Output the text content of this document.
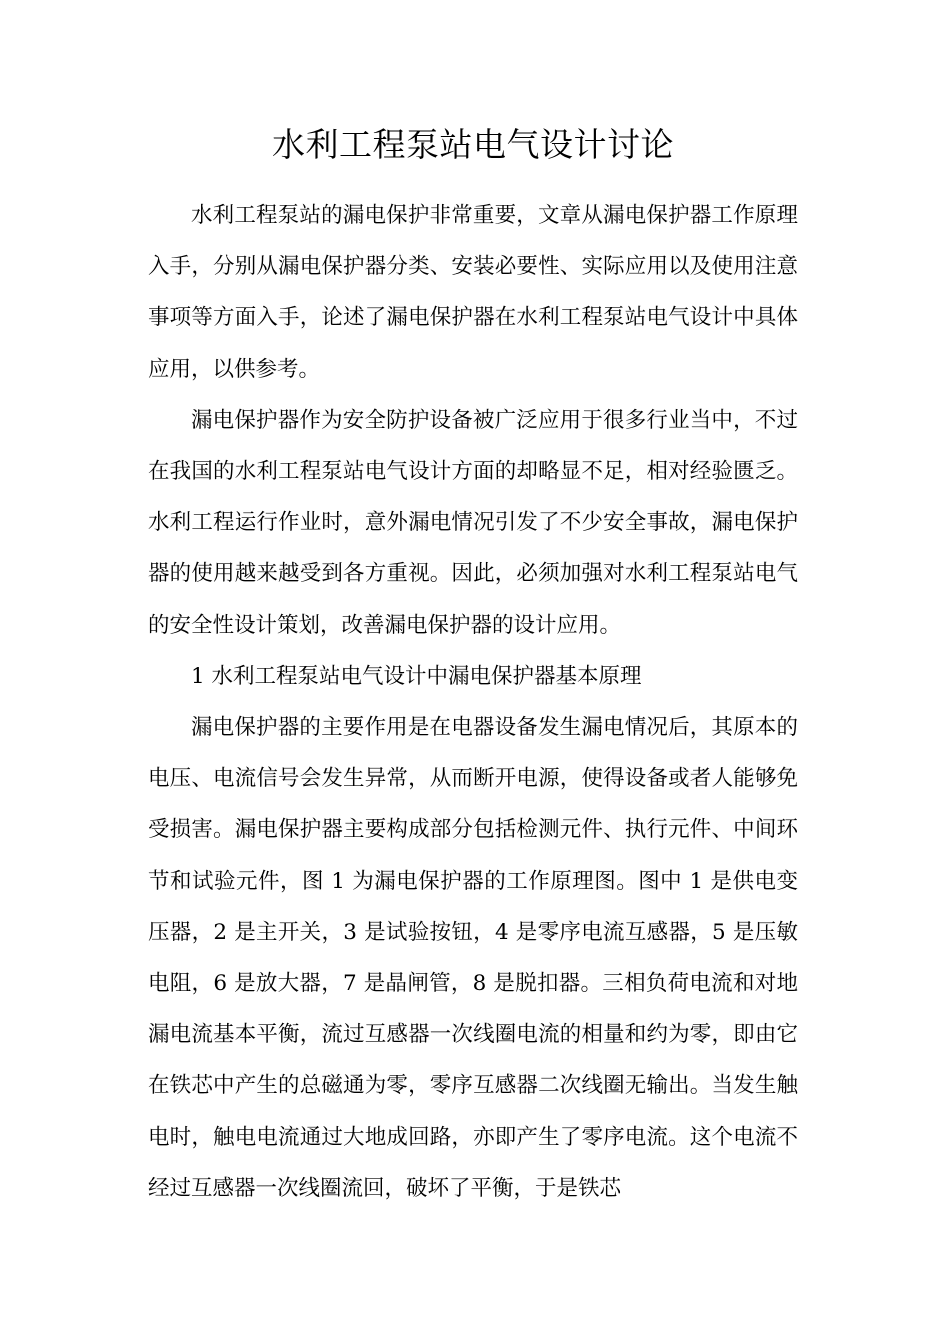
水利工程泵站电气设计讨论

水利工程泵站的漏电保护非常重要，文章从漏电保护器工作原理入手，分别从漏电保护器分类、安装必要性、实际应用以及使用注意事项等方面入手，论述了漏电保护器在水利工程泵站电气设计中具体应用，以供参考。

漏电保护器作为安全防护设备被广泛应用于很多行业当中，不过在我国的水利工程泵站电气设计方面的却略显不足，相对经验匮乏。水利工程运行作业时，意外漏电情况引发了不少安全事故，漏电保护器的使用越来越受到各方重视。因此，必须加强对水利工程泵站电气的安全性设计策划，改善漏电保护器的设计应用。

1 水利工程泵站电气设计中漏电保护器基本原理

漏电保护器的主要作用是在电器设备发生漏电情况后，其原本的电压、电流信号会发生异常，从而断开电源，使得设备或者人能够免受损害。漏电保护器主要构成部分包括检测元件、执行元件、中间环节和试验元件，图 1 为漏电保护器的工作原理图。图中 1 是供电变压器，2 是主开关，3 是试验按钮，4 是零序电流互感器，5 是压敏电阻，6 是放大器，7 是晶闸管，8 是脱扣器。三相负荷电流和对地漏电流基本平衡，流过互感器一次线圈电流的相量和约为零，即由它在铁芯中产生的总磁通为零，零序互感器二次线圈无输出。当发生触电时，触电电流通过大地成回路，亦即产生了零序电流。这个电流不经过互感器一次线圈流回，破坏了平衡，于是铁芯
